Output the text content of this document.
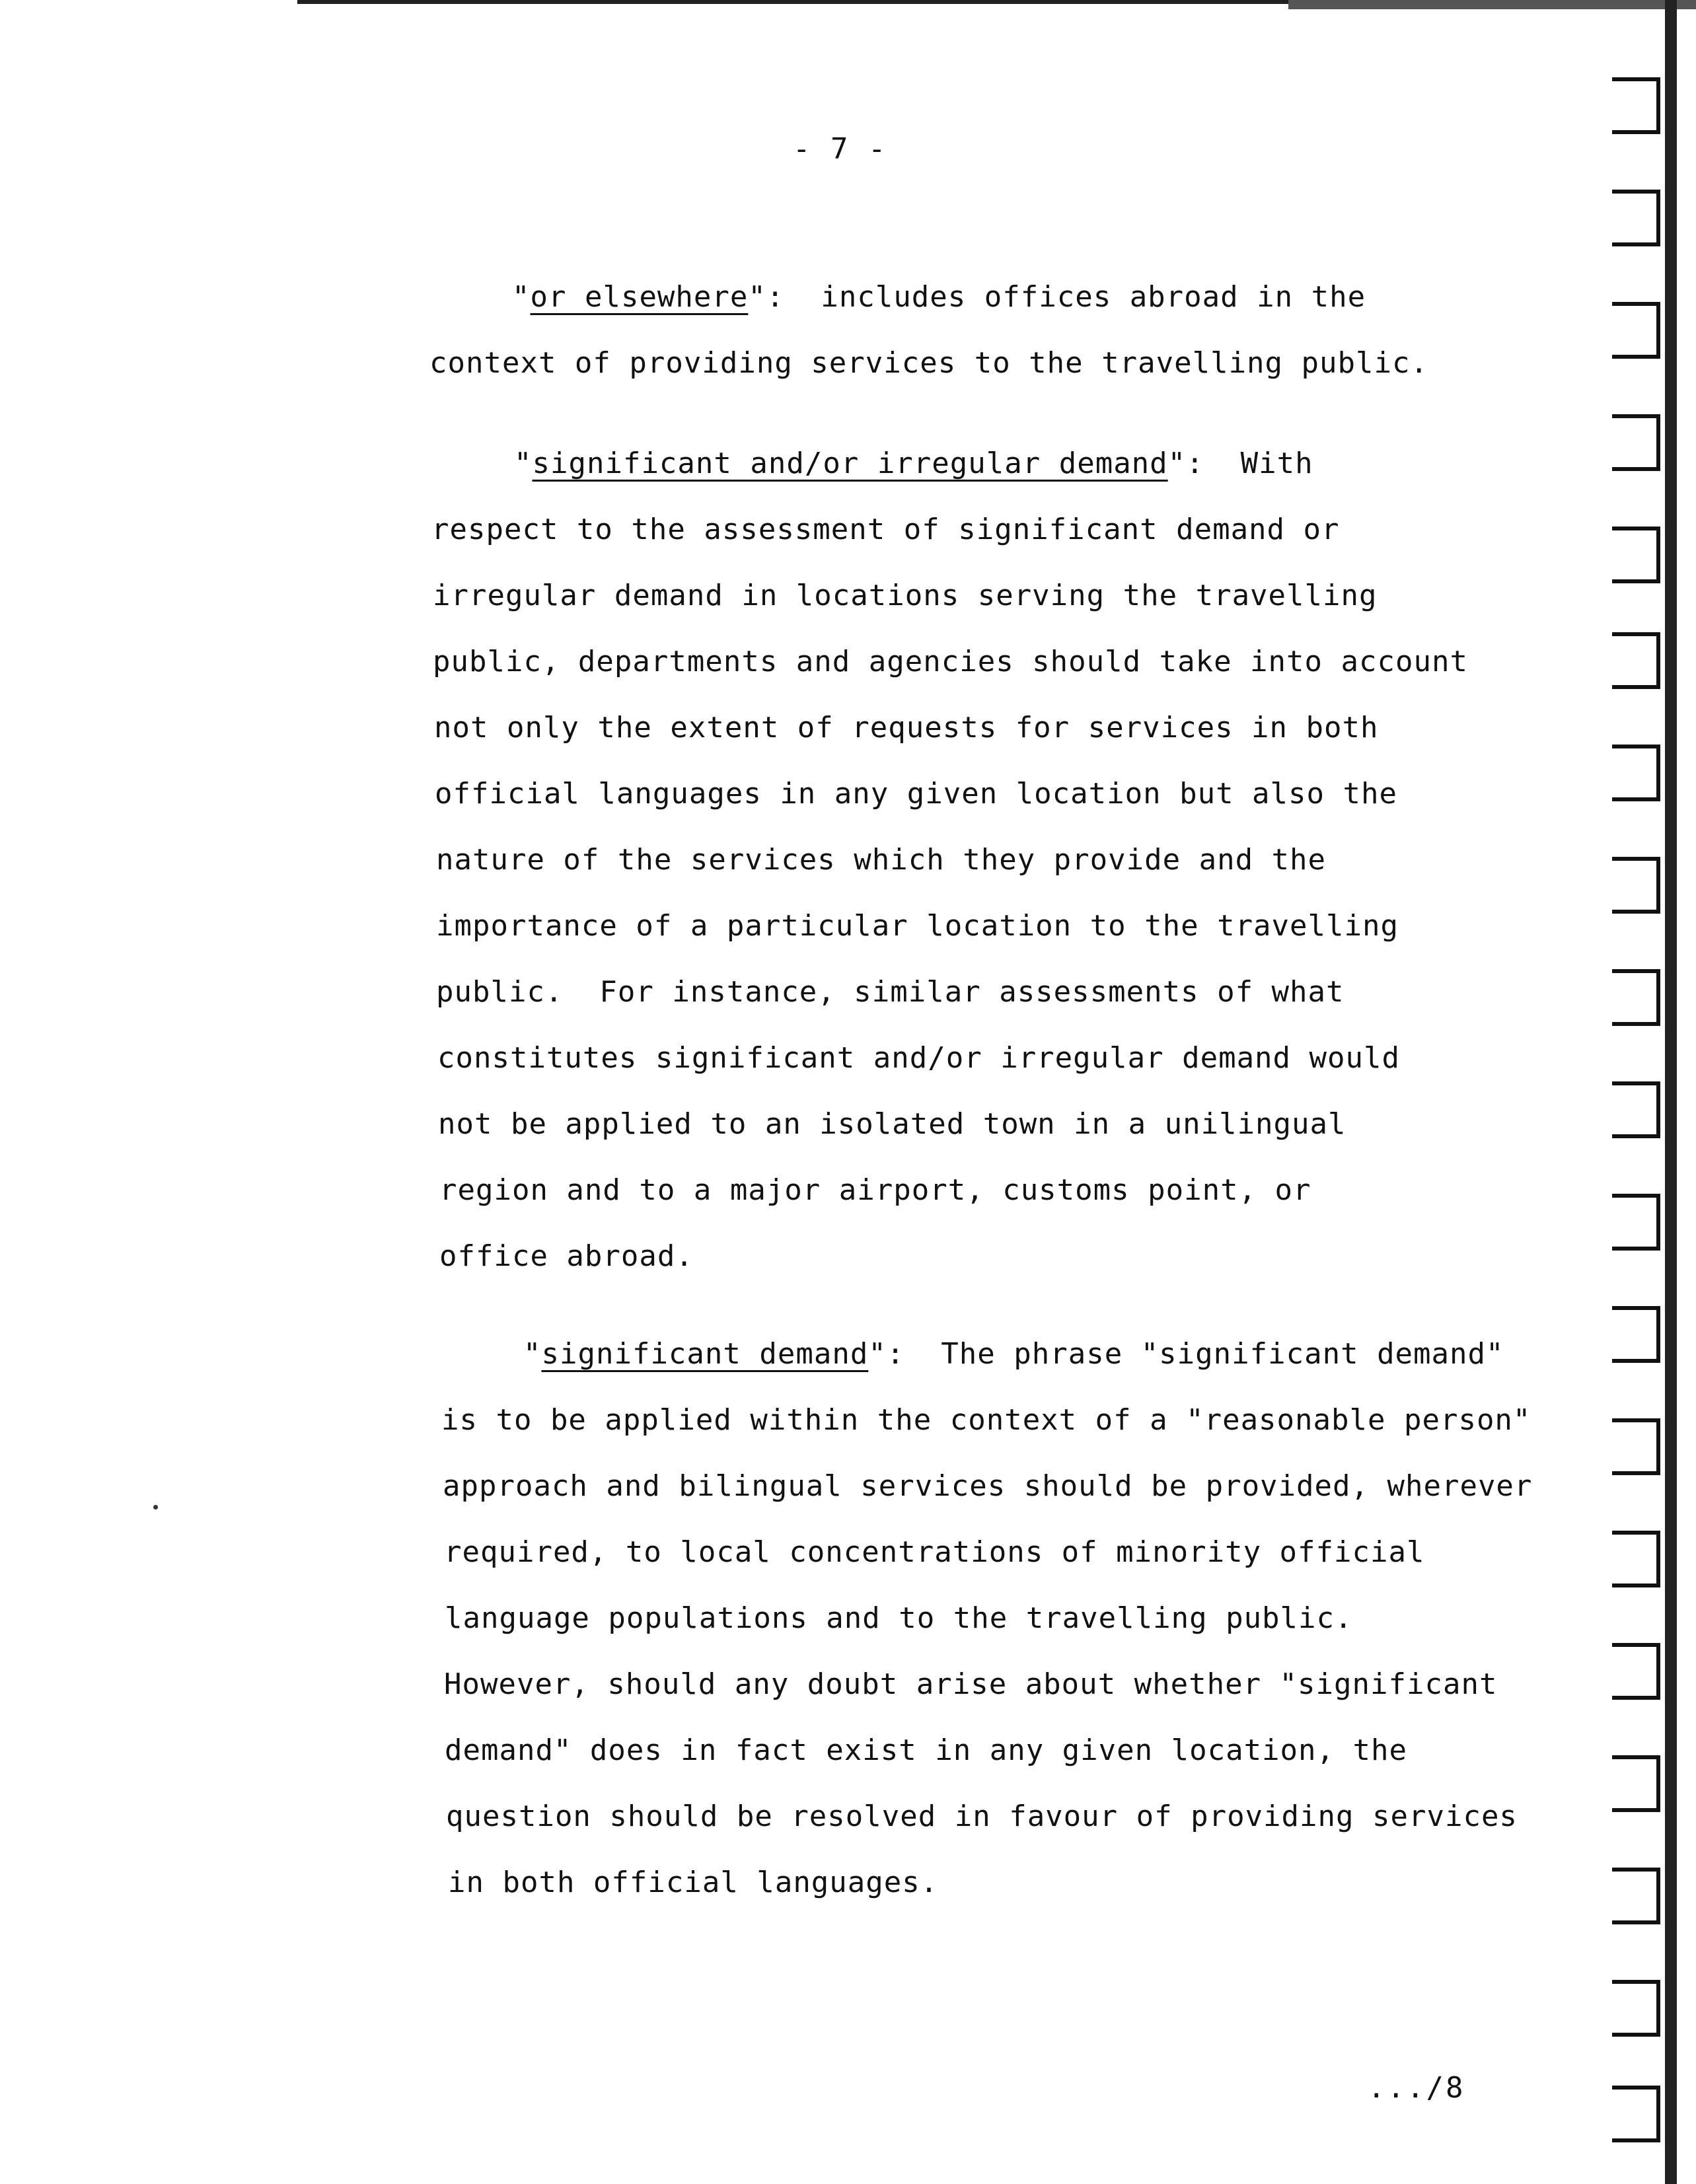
- 7 -
"or elsewhere":  includes offices abroad in the
context of providing services to the travelling public.
"significant and/or irregular demand":  With
respect to the assessment of significant demand or
irregular demand in locations serving the travelling
public, departments and agencies should take into account
not only the extent of requests for services in both
official languages in any given location but also the
nature of the services which they provide and the
importance of a particular location to the travelling
public.  For instance, similar assessments of what
constitutes significant and/or irregular demand would
not be applied to an isolated town in a unilingual
region and to a major airport, customs point, or
office abroad.
"significant demand":  The phrase "significant demand"
is to be applied within the context of a "reasonable person"
approach and bilingual services should be provided, wherever
required, to local concentrations of minority official
language populations and to the travelling public.
However, should any doubt arise about whether "significant
demand" does in fact exist in any given location, the
question should be resolved in favour of providing services
in both official languages.
.../8
